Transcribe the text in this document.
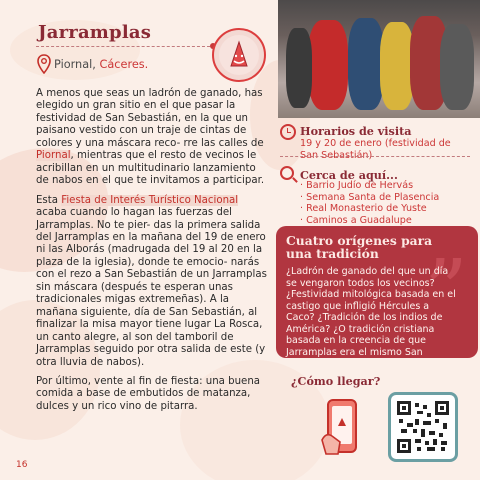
Jarramplas
Piornal, Cáceres.

A menos que seas un ladrón de ganado, has elegido un gran sitio en el que pasar la festividad de San Sebastián, en la que un paisano vestido con un traje de cintas de colores y una máscara reco- rre las calles de Piornal, mientras que el resto de vecinos le acribillan en un multitudinario lanzamiento de nabos en el que te invitamos a participar.

Esta Fiesta de Interés Turístico Nacional acaba cuando lo hagan las fuerzas del Jarramplas. No te pier- das la primera salida del Jarramplas en la mañana del 19 de enero ni las Alborás (madrugada del 19 al 20 en la plaza de la iglesia), donde te emocio- narás con el rezo a San Sebastián de un Jarramplas sin máscara (después te esperan unas tradicionales migas extremeñas). A la mañana siguiente, día de San Sebastián, al finalizar la misa mayor tiene lugar La Rosca, un canto alegre, al son del tamboril de Jarramplas seguido por otra salida de este (y otra lluvia de nabos).

Por último, vente al fin de fiesta: una buena comida a base de embutidos de matanza, dulces y un rico vino de pitarra.

Horarios de visita
19 y 20 de enero (festividad de San Sebastián)
Cerca de aquí...
· Barrio Judío de Hervás
· Semana Santa de Plasencia
· Real Monasterio de Yuste
· Caminos a Guadalupe
”
Cuatro orígenes para una tradición
¿Ladrón de ganado del que un día se vengaron todos los vecinos? ¿Festividad mitológica basada en el castigo que infligió Hércules a Caco? ¿Tradición de los indios de América? ¿O tradición cristiana basada en la creencia de que Jarramplas era el mismo San
¿Cómo llegar?
16
